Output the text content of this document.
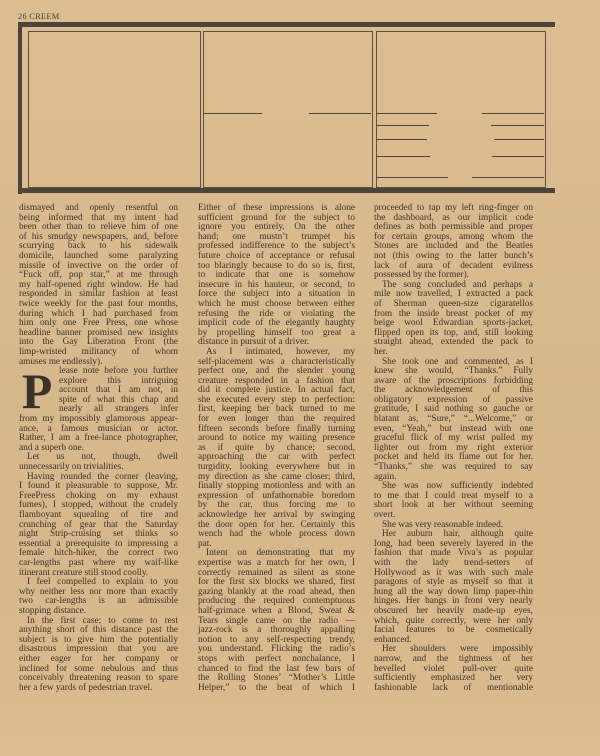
26 CREEM
dismayed and openly resentful on
being informed that my intent had
been other than to relieve him of one
of his smudgy newspapers, and, before
scurrying back to his sidewalk
domicile, launched some paralyzing
missile of invective on the order of
“Fuck off, pop star,” at me through
my half-opened right window. He had
responded in similar fashion at least
twice weekly for the past four months,
during which I had purchased from
him only one Free Press, one whose
headline banner promised new insights
into the Gay Liberation Front (the
limp-wristed militancy of whom
amuses me endlessly).
P lease note before you further
explore this intriguing
account that I am not, in
spite of what this chap and
nearly all strangers infer
from my impossibly glamorous appear-
ance, a famous musician or actor.
Rather, I am a free-lance photographer,
and a superb one.
Let us not, though, dwell
unnecessarily on trivialities.
Having rounded the corner (leaving,
I found it pleasurable to suppose, Mr.
FreePress choking on my exhaust
fumes), I stopped, without the crudely
flamboyant squealing of tire and
crunching of gear that the Saturday
night Strip-cruising set thinks so
essential a prerequisite to impressing a
female hitch-hiker, the correct two
car-lengths past where my waif-like
itinerant creature still stood coolly.
I feel compelled to explain to you
why neither less nor more than exactly
two car-lengths is an admissible
stopping distance.
In the first case; to come to rest
anything short of this distance past the
subject is to give him the potentially
disastrous impression that you are
either eager for her company or
inclined for some nebulous and thus
conceivably threatening reason to spare
her a few yards of pedestrian travel.
Either of these impressions is alone
sufficient ground for the subject to
ignore you entirely. On the other
hand; one mustn’t trumpet his
professed indifference to the subject’s
future choice of acceptance or refusal
too blaringly because to do so is, first,
to indicate that one is somehow
insecure in his hauteur, or second, to
force the subject into a situation in
which he must choose between either
refusing the ride or violating the
implicit code of the elegantly haughty
by propelling himself too great a
distance in pursuit of a driver.
As I intimated, however, my
self-placement was a characteristically
perfect one, and the slender young
creature responded in a fashion that
did it complete justice. In actual fact,
she executed every step to perfection:
first, keeping her back turned to me
for even longer than the required
fifteen seconds before finally turning
around to notice my waiting presence
as if quite by chance; second,
approaching the car with perfect
turgidity, looking everywhere but in
my direction as she came closer; third,
finally stopping motionless and with an
expression of unfathomable boredom
by the car, thus forcing me to
acknowledge her arrival by swinging
the door open for her. Certainly this
wench had the whole process down
pat.
Intent on demonstrating that my
expertise was a match for her own, I
correctly remained as silent as stone
for the first six blocks we shared, first
gazing blankly at the road ahead, then
producing the required contemptuous
half-grimace when a Blood, Sweat &
Tears single came on the radio —
jazz-rock is a thoroughly appalling
notion to any self-respecting trendy,
you understand. Flicking the radio’s
stops with perfect nonchalance, I
chanced to find the last few bars of
the Rolling Stones’ “Mother’s Little
Helper,” to the beat of which I
proceeded to tap my left ring-finger on
the dashboard, as our implicit code
defines as both permissible and proper
for certain groups, among whom the
Stones are included and the Beatles
not (this owing to the latter bunch’s
lack of aura of decadent evilness
possessed by the former).
The song concluded and perhaps a
mile now travelled, I extracted a pack
of Sherman queen-size cigaratellos
from the inside breast pocket of my
beige wool Edwardian sports-jacket,
flipped open its top, and, still looking
straight ahead, extended the pack to
her.
She took one and commented, as I
knew she would, “Thanks.” Fully
aware of the proscriptions forbidding
the acknowledgement of this
obligatory expression of passive
gratitude, I said nothing so gauche or
blatant as, “Sure,” “...Welcome,” or
even, “Yeah,” but instead with one
graceful flick of my wrist pulled my
lighter out from my right exterior
pocket and held its flame out for her.
“Thanks,” she was required to say
again.
She was now sufficiently indebted
to me that I could treat myself to a
short look at her without seeming
overt.
She was very reasonable indeed.
Her auburn hair, although quite
long, had been severely layered in the
fashion that made Viva’s as popular
with the lady trend-setters of
Hollywood as it was with such male
paragons of style as myself so that it
hung all the way down limp paper-thin
hinges. Her bangs in front very nearly
obscured her heavily made-up eyes,
which, quite correctly, were her only
facial features to be cosmetically
enhanced.
Her shoulders were impossibly
narrow, and the tightness of her
bevelled violet pull-over quite
sufficiently emphasized her very
fashionable lack of mentionable
